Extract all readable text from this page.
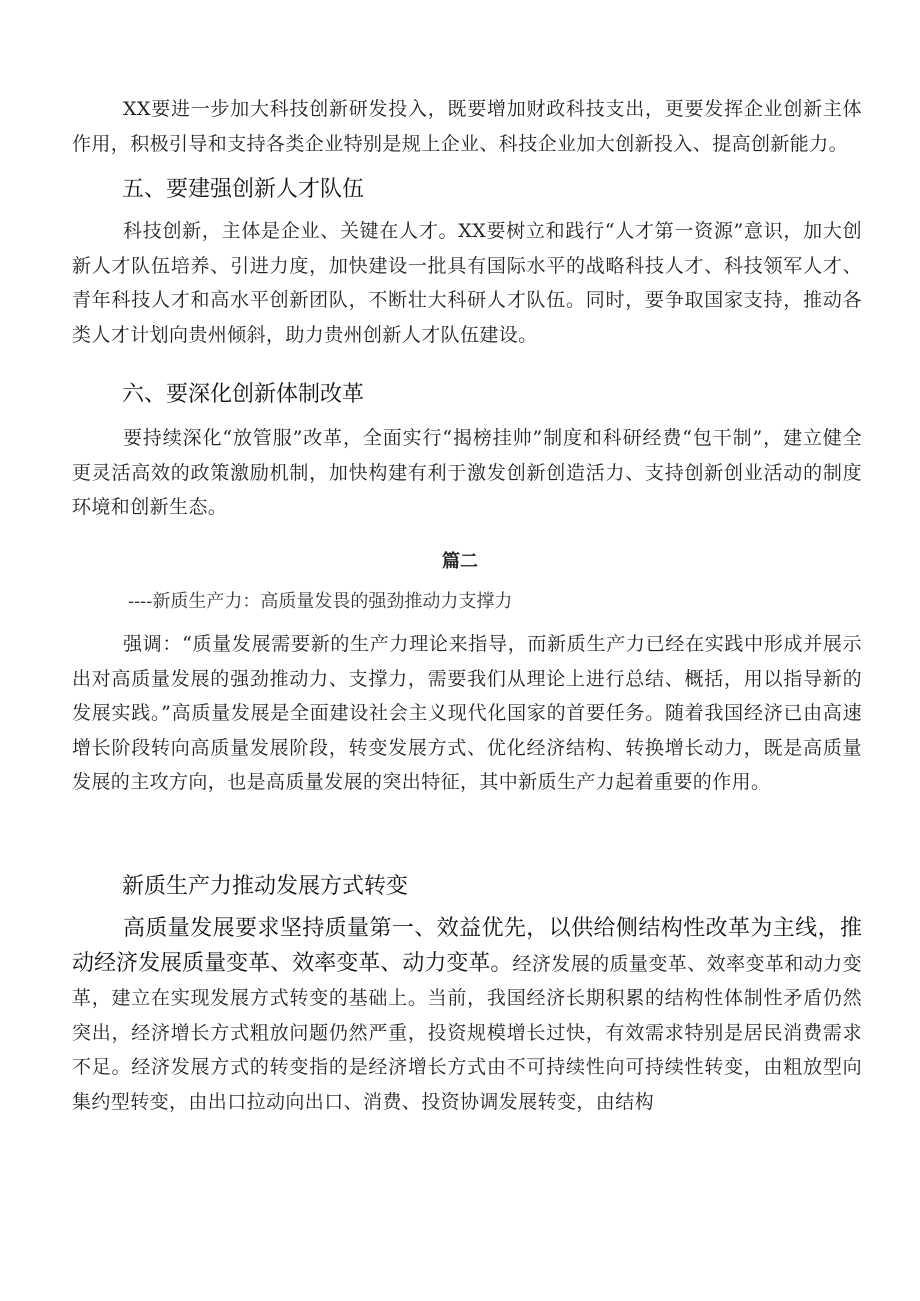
XX要进一步加大科技创新研发投入，既要增加财政科技支出，更要发挥企业创新主体作用，积极引导和支持各类企业特别是规上企业、科技企业加大创新投入、提高创新能力。

五、要建强创新人才队伍

科技创新，主体是企业、关键在人才。XX要树立和践行“人才第一资源”意识，加大创新人才队伍培养、引进力度，加快建设一批具有国际水平的战略科技人才、科技领军人才、青年科技人才和高水平创新团队，不断壮大科研人才队伍。同时，要争取国家支持，推动各类人才计划向贵州倾斜，助力贵州创新人才队伍建设。

六、要深化创新体制改革

要持续深化“放管服”改革，全面实行“揭榜挂帅”制度和科研经费“包干制”，建立健全更灵活高效的政策激励机制，加快构建有利于激发创新创造活力、支持创新创业活动的制度环境和创新生态。

篇二

----新质生产力：高质量发畏的强劲推动力支撑力

强调：“质量发展需要新的生产力理论来指导，而新质生产力已经在实践中形成并展示出对高质量发展的强劲推动力、支撑力，需要我们从理论上进行总结、概括，用以指导新的发展实践。”高质量发展是全面建设社会主义现代化国家的首要任务。随着我国经济已由高速增长阶段转向高质量发展阶段，转变发展方式、优化经济结构、转换增长动力，既是高质量发展的主攻方向，也是高质量发展的突出特征，其中新质生产力起着重要的作用。

新质生产力推动发展方式转变

高质量发展要求坚持质量第一、效益优先，以供给侧结构性改革为主线，推动经济发展质量变革、效率变革、动力变革。经济发展的质量变革、效率变革和动力变革，建立在实现发展方式转变的基础上。当前，我国经济长期积累的结构性体制性矛盾仍然突出，经济增长方式粗放问题仍然严重，投资规模增长过快，有效需求特别是居民消费需求不足。经济发展方式的转变指的是经济增长方式由不可持续性向可持续性转变，由粗放型向集约型转变，由出口拉动向出口、消费、投资协调发展转变，由结构
